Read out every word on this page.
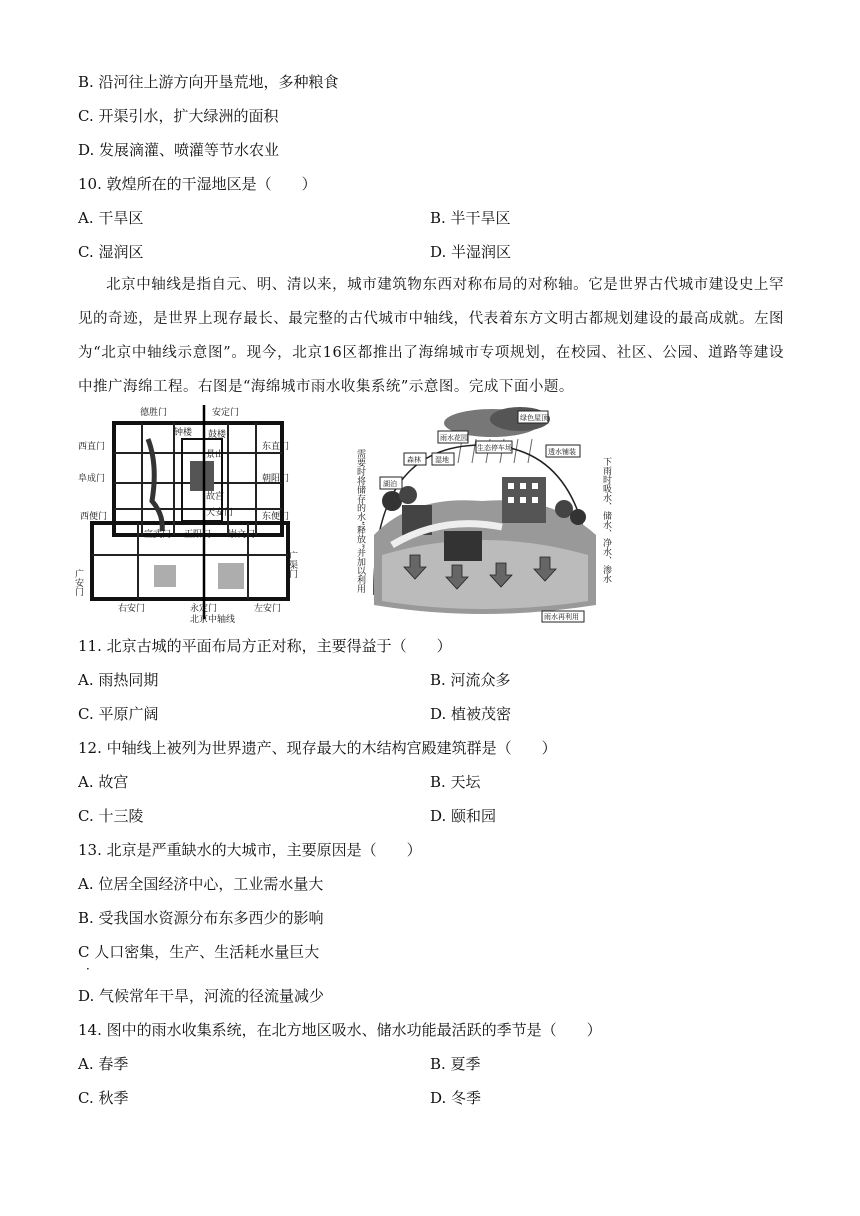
B. 沿河往上游方向开垦荒地，多种粮食
C. 开渠引水，扩大绿洲的面积
D. 发展滴灌、喷灌等节水农业
10. 敦煌所在的干湿地区是（　　）
A. 干旱区	B. 半干旱区
C. 湿润区	D. 半湿润区
北京中轴线是指自元、明、清以来，城市建筑物东西对称布局的对称轴。它是世界古代城市建设史上罕见的奇迹，是世界上现存最长、最完整的古代城市中轴线，代表着东方文明古都规划建设的最高成就。左图为“北京中轴线示意图”。现今，北京16区都推出了海绵城市专项规划，在校园、社区、公园、道路等建设中推广海绵工程。右图是“海绵城市雨水收集系统”示意图。完成下面小题。
德胜门	安定门
西直门	东直门
阜成门	朝阳门
西便门	东便门
钟楼 鼓楼
景山
故宫
天安门
宣武门 正阳门 崇文门
广安门
广渠门
右安门	永定门	左安门
北京中轴线
雨水花园
绿色屋顶
生态停车场	透水铺装
森林 湿地
湖泊
雨水再利用
需要时将储存的水“释放”并加以利用	下雨时吸水、储水、净水、渗水
11. 北京古城的平面布局方正对称，主要得益于（　　）
A. 雨热同期	B. 河流众多
C. 平原广阔	D. 植被茂密
12. 中轴线上被列为世界遗产、现存最大的木结构宫殿建筑群是（　　）
A. 故宫	B. 天坛
C. 十三陵	D. 颐和园
13. 北京是严重缺水的大城市，主要原因是（　　）
A. 位居全国经济中心，工业需水量大
B. 受我国水资源分布东多西少的影响
C 人口密集，生产、生活耗水量巨大
．
D. 气候常年干旱，河流的径流量减少
14. 图中的雨水收集系统，在北方地区吸水、储水功能最活跃的季节是（　　）
A. 春季	B. 夏季
C. 秋季	D. 冬季
